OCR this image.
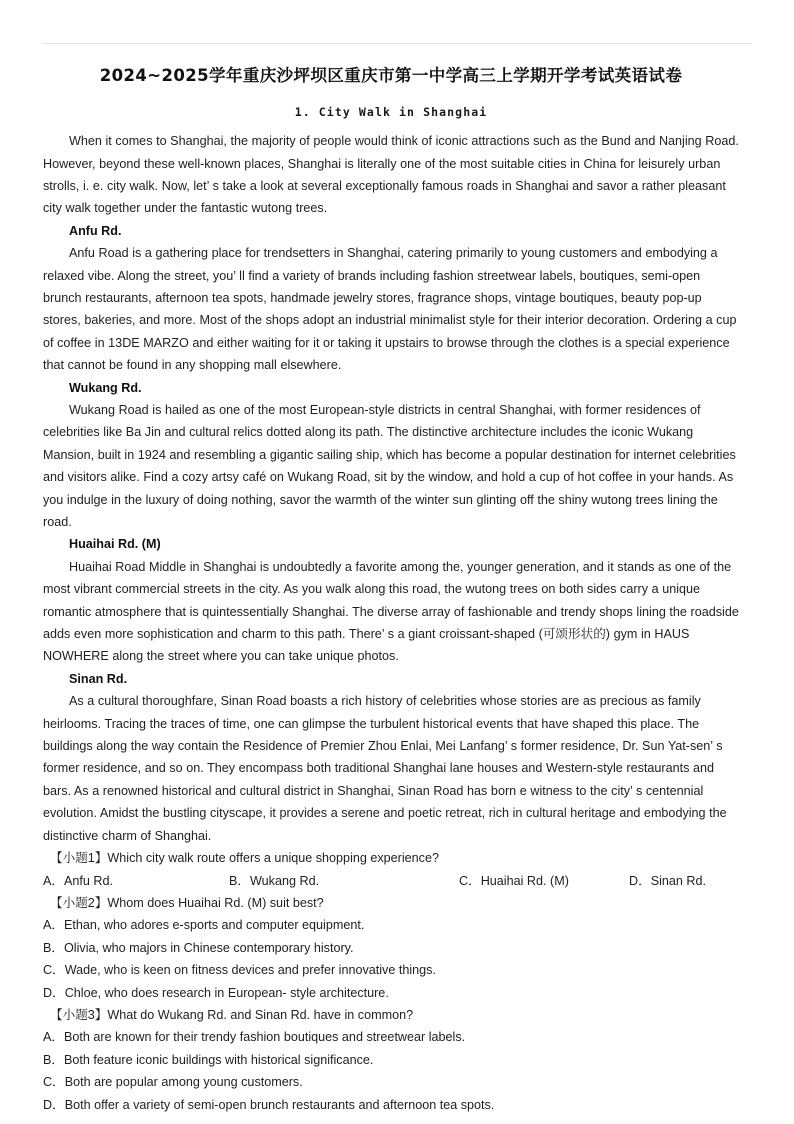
2024~2025学年重庆沙坪坝区重庆市第一中学高三上学期开学考试英语试卷
1. City Walk in Shanghai

When it comes to Shanghai, the majority of people would think of iconic attractions such as the Bund and Nanjing Road. However, beyond these well-known places, Shanghai is literally one of the most suitable cities in China for leisurely urban strolls, i. e. city walk. Now, let’ s take a look at several exceptionally famous roads in Shanghai and savor a rather pleasant city walk together under the fantastic wutong trees.

Anfu Rd.

Anfu Road is a gathering place for trendsetters in Shanghai, catering primarily to young customers and embodying a relaxed vibe. Along the street, you’ ll find a variety of brands including fashion streetwear labels, boutiques, semi-open brunch restaurants, afternoon tea spots, handmade jewelry stores, fragrance shops, vintage boutiques, beauty pop-up stores, bakeries, and more. Most of the shops adopt an industrial minimalist style for their interior decoration. Ordering a cup of coffee in 13DE MARZO and either waiting for it or taking it upstairs to browse through the clothes is a special experience that cannot be found in any shopping mall elsewhere.

Wukang Rd.

Wukang Road is hailed as one of the most European-style districts in central Shanghai, with former residences of celebrities like Ba Jin and cultural relics dotted along its path. The distinctive architecture includes the iconic Wukang Mansion, built in 1924 and resembling a gigantic sailing ship, which has become a popular destination for internet celebrities and visitors alike. Find a cozy artsy café on Wukang Road, sit by the window, and hold a cup of hot coffee in your hands. As you indulge in the luxury of doing nothing, savor the warmth of the winter sun glinting off the shiny wutong trees lining the road.

Huaihai Rd. (M)

Huaihai Road Middle in Shanghai is undoubtedly a favorite among the, younger generation, and it stands as one of the most vibrant commercial streets in the city. As you walk along this road, the wutong trees on both sides carry a unique romantic atmosphere that is quintessentially Shanghai. The diverse array of fashionable and trendy shops lining the roadside adds even more sophistication and charm to this path. There’ s a giant croissant-shaped (可颂形状的) gym in HAUS NOWHERE along the street where you can take unique photos.

Sinan Rd.

As a cultural thoroughfare, Sinan Road boasts a rich history of celebrities whose stories are as precious as family heirlooms. Tracing the traces of time, one can glimpse the turbulent historical events that have shaped this place. The buildings along the way contain the Residence of Premier Zhou Enlai, Mei Lanfang’ s former residence, Dr. Sun Yat-sen’ s former residence, and so on. They encompass both traditional Shanghai lane houses and Western-style restaurants and bars. As a renowned historical and cultural district in Shanghai, Sinan Road has born e witness to the city’ s centennial evolution. Amidst the bustling cityscape, it provides a serene and poetic retreat, rich in cultural heritage and embodying the distinctive charm of Shanghai.

【小题1】Which city walk route offers a unique shopping experience?

A．Anfu Rd.	B．Wukang Rd.	C．Huaihai Rd. (M)	D．Sinan Rd.

【小题2】Whom does Huaihai Rd. (M) suit best?

A．Ethan, who adores e-sports and computer equipment.

B．Olivia, who majors in Chinese contemporary history.

C．Wade, who is keen on fitness devices and prefer innovative things.

D．Chloe, who does research in European- style architecture.

【小题3】What do Wukang Rd. and Sinan Rd. have in common?

A．Both are known for their trendy fashion boutiques and streetwear labels.

B．Both feature iconic buildings with historical significance.

C．Both are popular among young customers.

D．Both offer a variety of semi-open brunch restaurants and afternoon tea spots.
